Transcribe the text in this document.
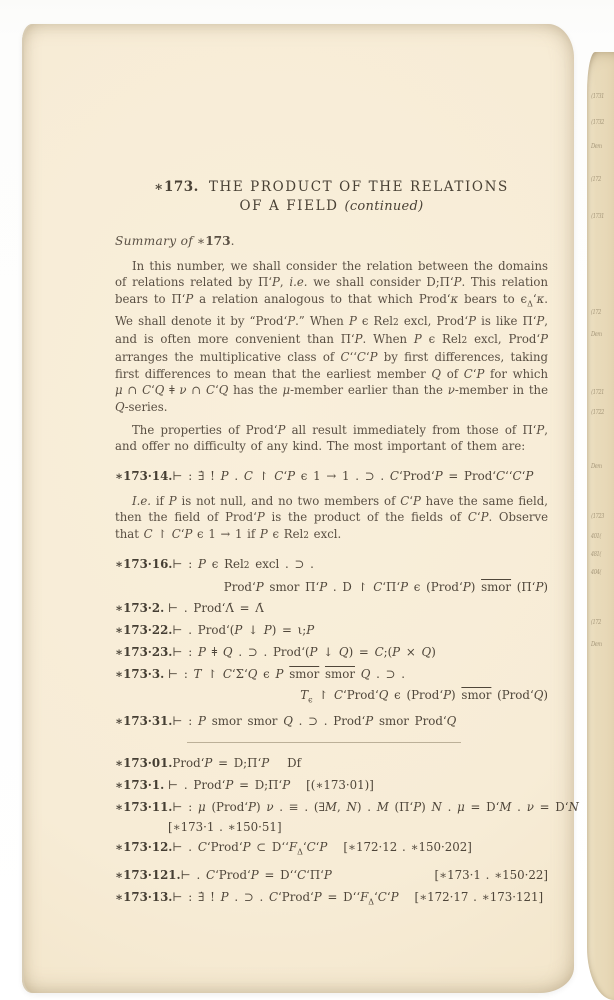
∗173. THE PRODUCT OF THE RELATIONS
OF A FIELD (continued)
Summary of ∗173.

In this number, we shall consider the relation between the domains of relations related by Π‘P, i.e. we shall consider D;Π‘P. This relation bears to Π‘P a relation analogous to that which Prod‘κ bears to $\epsilon_\Delta‘\kappa$. We shall denote it by “Prod‘P.” When P ϵ Rel2 excl, Prod‘P is like Π‘P, and is often more convenient than Π‘P. When P ϵ Rel2 excl, Prod‘P arranges the multiplicative class of C‘‘C‘P by first differences, taking first differences to mean that the earliest member Q of C‘P for which μ ∩ C‘Q ǂ ν ∩ C‘Q has the μ-member earlier than the ν-member in the Q-series.

The properties of Prod‘P all result immediately from those of Π‘P, and offer no difficulty of any kind. The most important of them are:

∗173·14. ⊢ : ∃̇ ! P . C ↾ C‘P ϵ 1 → 1 . ⊃ . C‘Prod‘P = Prod‘C‘‘C‘P

I.e. if P is not null, and no two members of C‘P have the same field, then the field of Prod‘P is the product of the fields of C‘P. Observe that C ↾ C‘P ϵ 1 → 1 if P ϵ Rel2 excl.

∗173·16. ⊢ : P ϵ Rel2 excl . ⊃ .
Prod‘P smor Π‘P . D ↾ C‘Π‘P ϵ (Prod‘P) smor (Π‘P)
∗173·2. ⊢ . Prod‘Λ̇ = Λ̇
∗173·22. ⊢ . Prod‘(P ↓ P) = ι;P
∗173·23. ⊢ : P ǂ Q . ⊃ . Prod‘(P ↓ Q) = C;(P × Q)
∗173·3. ⊢ : T ↾ C‘Σ‘Q ϵ P smor smor Q . ⊃ .
$T_\epsilon$ ↾ C‘Prod‘Q ϵ (Prod‘P) smor (Prod‘Q)
∗173·31. ⊢ : P smor smor Q . ⊃ . Prod‘P smor Prod‘Q
∗173·01. Prod‘P = D;Π‘P Df
∗173·1. ⊢ . Prod‘P = D;Π‘P [(∗173·01)]
∗173·11. ⊢ : μ (Prod‘P) ν . ≡ . (∃M, N) . M (Π‘P) N . μ = D‘M . ν = D‘N
[∗173·1 . ∗150·51]
∗173·12. ⊢ . C‘Prod‘P ⊂ $D‘‘F_\Delta‘C‘P$ [∗172·12 . ∗150·202]
∗173·121. ⊢ . C‘Prod‘P = D‘‘C‘Π‘P	[∗173·1 . ∗150·22]
∗173·13. ⊢ : ∃̇ ! P . ⊃ . C‘Prod‘P = $D‘‘F_\Delta‘C‘P$ [∗172·17 . ∗173·121]
(1731
(1732
Dem
(172
(1731
(172
Dem
(1721
(1722
Dem
(1723
401(
481(
404(
(172
Dem
